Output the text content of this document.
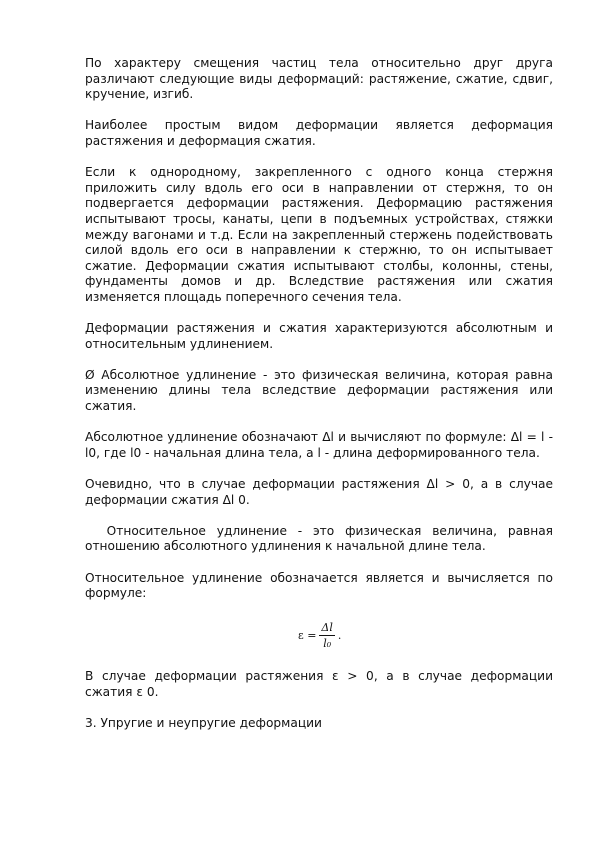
По характеру смещения частиц тела относительно друг друга различают следующие виды деформаций: растяжение, сжатие, сдвиг, кручение, изгиб.

Наиболее простым видом деформации является деформация растяжения и деформация сжатия.

Если к однородному, закрепленного с одного конца стержня приложить силу вдоль его оси в направлении от стержня, то он подвергается деформации растяжения. Деформацию растяжения испытывают тросы, канаты, цепи в подъемных устройствах, стяжки между вагонами и т.д. Если на закрепленный стержень подействовать силой вдоль его оси в направлении к стержню, то он испытывает сжатие. Деформации сжатия испытывают столбы, колонны, стены, фундаменты домов и др. Вследствие растяжения или сжатия изменяется площадь поперечного сечения тела.

Деформации растяжения и сжатия характеризуются абсолютным и относительным удлинением.

Ø Абсолютное удлинение - это физическая величина, которая равна изменению длины тела вследствие деформации растяжения или сжатия.

Абсолютное удлинение обозначают Δl и вычисляют по формуле: Δl = l - l0, где l0 - начальная длина тела, а l - длина деформированного тела.

Очевидно, что в случае деформации растяжения Δl > 0, а в случае деформации сжатия Δl 0.

Относительное удлинение - это физическая величина, равная отношению абсолютного удлинения к начальной длине тела.

Относительное удлинение обозначается является и вычисляется по формуле:

$\varepsilon = \frac{\Delta l}{\text{l₀}}$ .

В случае деформации растяжения ε > 0, а в случае деформации сжатия ε 0.

3. Упругие и неупругие деформации
